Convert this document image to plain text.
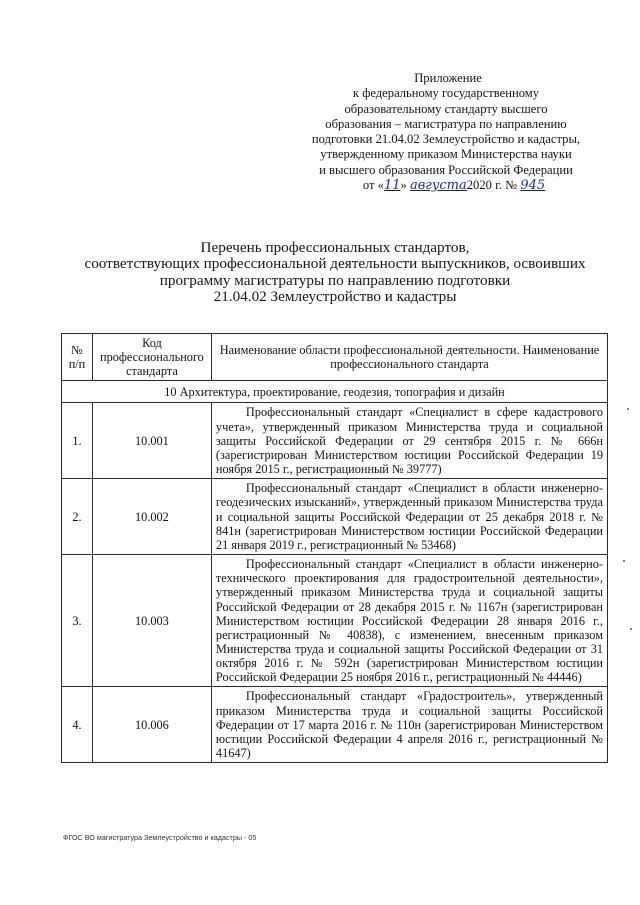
Приложение
к федеральному государственному
образовательному стандарту высшего
образования – магистратура по направлению
подготовки 21.04.02 Землеустройство и кадастры,
утвержденному приказом Министерства науки
и высшего образования Российской Федерации
от «11» августа2020 г. № 945
Перечень профессиональных стандартов,
соответствующих профессиональной деятельности выпускников, освоивших
программу магистратуры по направлению подготовки
21.04.02 Землеустройство и кадастры
№ п/п	Код профессионального стандарта	Наименование области профессиональной деятельности. Наименование профессионального стандарта
10 Архитектура, проектирование, геодезия, топография и дизайн		
1.	10.001	Профессиональный стандарт «Специалист в сфере кадастрового учета», утвержденный приказом Министерства труда и социальной защиты Российской Федерации от 29 сентября 2015 г. № 666н (зарегистрирован Министерством юстиции Российской Федерации 19 ноября 2015 г., регистрационный № 39777)
2.	10.002	Профессиональный стандарт «Специалист в области инженерно-геодезических изысканий», утвержденный приказом Министерства труда и социальной защиты Российской Федерации от 25 декабря 2018 г. № 841н (зарегистрирован Министерством юстиции Российской Федерации 21 января 2019 г., регистрационный № 53468)
3.	10.003	Профессиональный стандарт «Специалист в области инженерно-технического проектирования для градостроительной деятельности», утвержденный приказом Министерства труда и социальной защиты Российской Федерации от 28 декабря 2015 г. № 1167н (зарегистрирован Министерством юстиции Российской Федерации 28 января 2016 г., регистрационный № 40838), с изменением, внесенным приказом Министерства труда и социальной защиты Российской Федерации от 31 октября 2016 г. № 592н (зарегистрирован Министерством юстиции Российской Федерации 25 ноября 2016 г., регистрационный № 44446)
4.	10.006	Профессиональный стандарт «Градостроитель», утвержденный приказом Министерства труда и социальной защиты Российской Федерации от 17 марта 2016 г. № 110н (зарегистрирован Министерством юстиции Российской Федерации 4 апреля 2016 г., регистрационный № 41647)
ФГОС ВО магистратура Землеустройство и кадастры - 05
